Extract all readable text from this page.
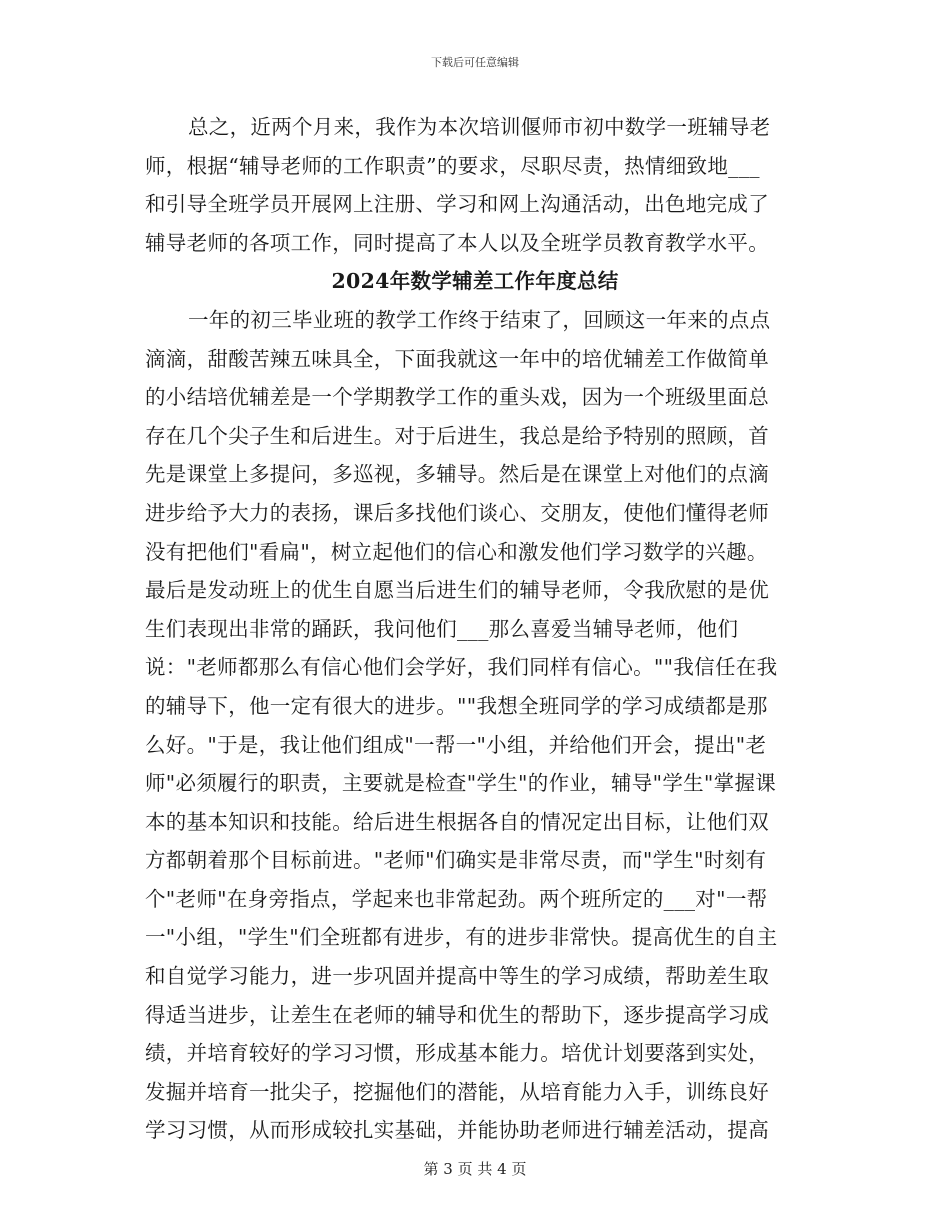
下载后可任意编辑
总之，近两个月来，我作为本次培训偃师市初中数学一班辅导老
师，根据“辅导老师的工作职责”的要求，尽职尽责，热情细致地___
和引导全班学员开展网上注册、学习和网上沟通活动，出色地完成了
辅导老师的各项工作，同时提高了本人以及全班学员教育教学水平。
2024年数学辅差工作年度总结
一年的初三毕业班的教学工作终于结束了，回顾这一年来的点点
滴滴，甜酸苦辣五味具全，下面我就这一年中的培优辅差工作做简单
的小结培优辅差是一个学期教学工作的重头戏，因为一个班级里面总
存在几个尖子生和后进生。对于后进生，我总是给予特别的照顾，首
先是课堂上多提问，多巡视，多辅导。然后是在课堂上对他们的点滴
进步给予大力的表扬，课后多找他们谈心、交朋友，使他们懂得老师
没有把他们"看扁"，树立起他们的信心和激发他们学习数学的兴趣。
最后是发动班上的优生自愿当后进生们的辅导老师，令我欣慰的是优
生们表现出非常的踊跃，我问他们___那么喜爱当辅导老师，他们
说："老师都那么有信心他们会学好，我们同样有信心。""我信任在我
的辅导下，他一定有很大的进步。""我想全班同学的学习成绩都是那
么好。"于是，我让他们组成"一帮一"小组，并给他们开会，提出"老
师"必须履行的职责，主要就是检查"学生"的作业，辅导"学生"掌握课
本的基本知识和技能。给后进生根据各自的情况定出目标，让他们双
方都朝着那个目标前进。"老师"们确实是非常尽责，而"学生"时刻有
个"老师"在身旁指点，学起来也非常起劲。两个班所定的___对"一帮
一"小组，"学生"们全班都有进步，有的进步非常快。提高优生的自主
和自觉学习能力，进一步巩固并提高中等生的学习成绩，帮助差生取
得适当进步，让差生在老师的辅导和优生的帮助下，逐步提高学习成
绩，并培育较好的学习习惯，形成基本能力。培优计划要落到实处，
发掘并培育一批尖子，挖掘他们的潜能，从培育能力入手，训练良好
学习习惯，从而形成较扎实基础，并能协助老师进行辅差活动，提高
第 3 页 共 4 页
